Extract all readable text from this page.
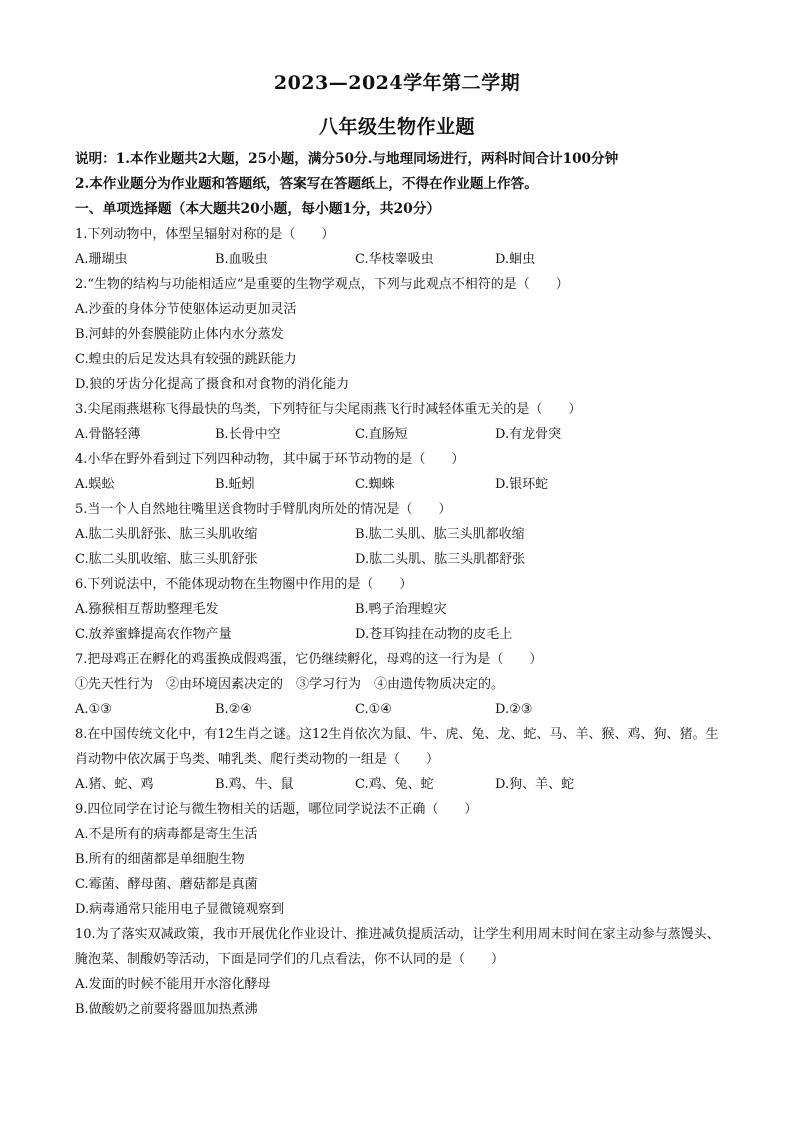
2023—2024学年第二学期
八年级生物作业题
说明：1.本作业题共2大题，25小题，满分50分.与地理同场进行，两科时间合计100分钟
2.本作业题分为作业题和答题纸，答案写在答题纸上，不得在作业题上作答。
一、单项选择题（本大题共20小题，每小题1分，共20分）
1.下列动物中，体型呈辐射对称的是（　　）
A.珊瑚虫	B.血吸虫	C.华枝睾吸虫	D.蛔虫
2.“生物的结构与功能相适应”是重要的生物学观点，下列与此观点不相符的是（　　）
A.沙蚕的身体分节使躯体运动更加灵活
B.河蚌的外套膜能防止体内水分蒸发
C.蝗虫的后足发达具有较强的跳跃能力
D.狼的牙齿分化提高了摄食和对食物的消化能力
3.尖尾雨燕堪称飞得最快的鸟类，下列特征与尖尾雨燕飞行时减轻体重无关的是（　　）
A.骨骼轻薄	B.长骨中空	C.直肠短	D.有龙骨突
4.小华在野外看到过下列四种动物，其中属于环节动物的是（　　）
A.蜈蚣	B.蚯蚓	C.蜘蛛	D.银环蛇
5.当一个人自然地往嘴里送食物时手臂肌肉所处的情况是（　　）
A.肱二头肌舒张、肱三头肌收缩	B.肱二头肌、肱三头肌都收缩
C.肱二头肌收缩、肱三头肌舒张	D.肱二头肌、肱三头肌都舒张
6.下列说法中，不能体现动物在生物圈中作用的是（　　）
A.猕猴相互帮助整理毛发	B.鸭子治理蝗灾
C.放养蜜蜂提高农作物产量	D.苍耳钩挂在动物的皮毛上
7.把母鸡正在孵化的鸡蛋换成假鸡蛋，它仍继续孵化，母鸡的这一行为是（　　）
①先天性行为　②由环境因素决定的　③学习行为　④由遗传物质决定的。
A.①③	B.②④	C.①④	D.②③
8.在中国传统文化中，有12生肖之谜。这12生肖依次为鼠、牛、虎、兔、龙、蛇、马、羊、猴、鸡、狗、猪。生肖动物中依次属于鸟类、哺乳类、爬行类动物的一组是（　　）
A.猪、蛇、鸡	B.鸡、牛、鼠	C.鸡、兔、蛇	D.狗、羊、蛇
9.四位同学在讨论与微生物相关的话题，哪位同学说法不正确（　　）
A.不是所有的病毒都是寄生生活
B.所有的细菌都是单细胞生物
C.霉菌、酵母菌、蘑菇都是真菌
D.病毒通常只能用电子显微镜观察到
10.为了落实双减政策，我市开展优化作业设计、推进减负提质活动，让学生利用周末时间在家主动参与蒸馒头、腌泡菜、制酸奶等活动，下面是同学们的几点看法，你不认同的是（　　）
A.发面的时候不能用开水溶化酵母
B.做酸奶之前要将器皿加热煮沸
